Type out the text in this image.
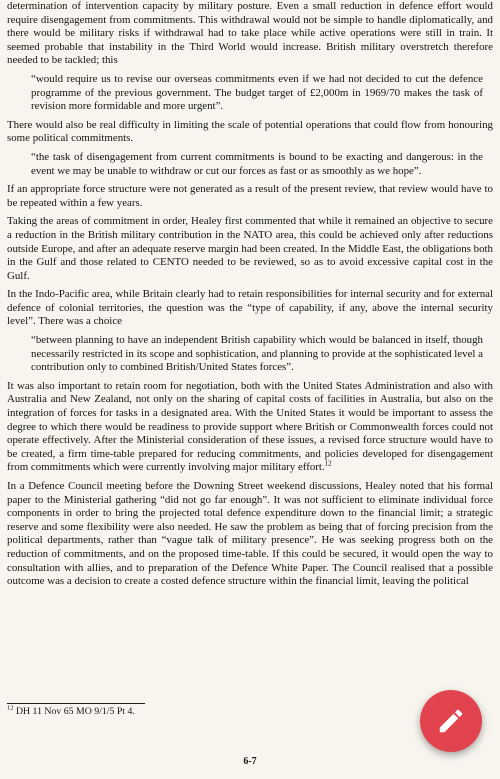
determination of intervention capacity by military posture. Even a small reduction in defence effort would require disengagement from commitments. This withdrawal would not be simple to handle diplomatically, and there would be military risks if withdrawal had to take place while active operations were still in train. It seemed probable that instability in the Third World would increase. British military overstretch therefore needed to be tackled; this

“would require us to revise our overseas commitments even if we had not decided to cut the defence programme of the previous government. The budget target of £2,000m in 1969/70 makes the task of revision more formidable and more urgent”.

There would also be real difficulty in limiting the scale of potential operations that could flow from honouring some political commitments.

“the task of disengagement from current commitments is bound to be exacting and dangerous: in the event we may be unable to withdraw or cut our forces as fast or as smoothly as we hope”.

If an appropriate force structure were not generated as a result of the present review, that review would have to be repeated within a few years.

Taking the areas of commitment in order, Healey first commented that while it remained an objective to secure a reduction in the British military contribution in the NATO area, this could be achieved only after reductions outside Europe, and after an adequate reserve margin had been created. In the Middle East, the obligations both in the Gulf and those related to CENTO needed to be reviewed, so as to avoid excessive capital cost in the Gulf.

In the Indo-Pacific area, while Britain clearly had to retain responsibilities for internal security and for external defence of colonial territories, the question was the “type of capability, if any, above the internal security level”. There was a choice

“between planning to have an independent British capability which would be balanced in itself, though necessarily restricted in its scope and sophistication, and planning to provide at the sophisticated level a contribution only to combined British/United States forces”.

It was also important to retain room for negotiation, both with the United States Administration and also with Australia and New Zealand, not only on the sharing of capital costs of facilities in Australia, but also on the integration of forces for tasks in a designated area. With the United States it would be important to assess the degree to which there would be readiness to provide support where British or Commonwealth forces could not operate effectively. After the Ministerial consideration of these issues, a revised force structure would have to be created, a firm time-table prepared for reducing commitments, and policies developed for disengagement from commitments which were currently involving major military effort.$^{12}$

In a Defence Council meeting before the Downing Street weekend discussions, Healey noted that his formal paper to the Ministerial gathering “did not go far enough”. It was not sufficient to eliminate individual force components in order to bring the projected total defence expenditure down to the financial limit; a strategic reserve and some flexibility were also needed. He saw the problem as being that of forcing precision from the political departments, rather than “vague talk of military presence”. He was seeking progress both on the reduction of commitments, and on the proposed time-table. If this could be secured, it would open the way to consultation with allies, and to preparation of the Defence White Paper. The Council realised that a possible outcome was a decision to create a costed defence structure within the financial limit, leaving the political

$^{12}$ DH 11 Nov 65 MO 9/1/5 Pt 4.
6-7
